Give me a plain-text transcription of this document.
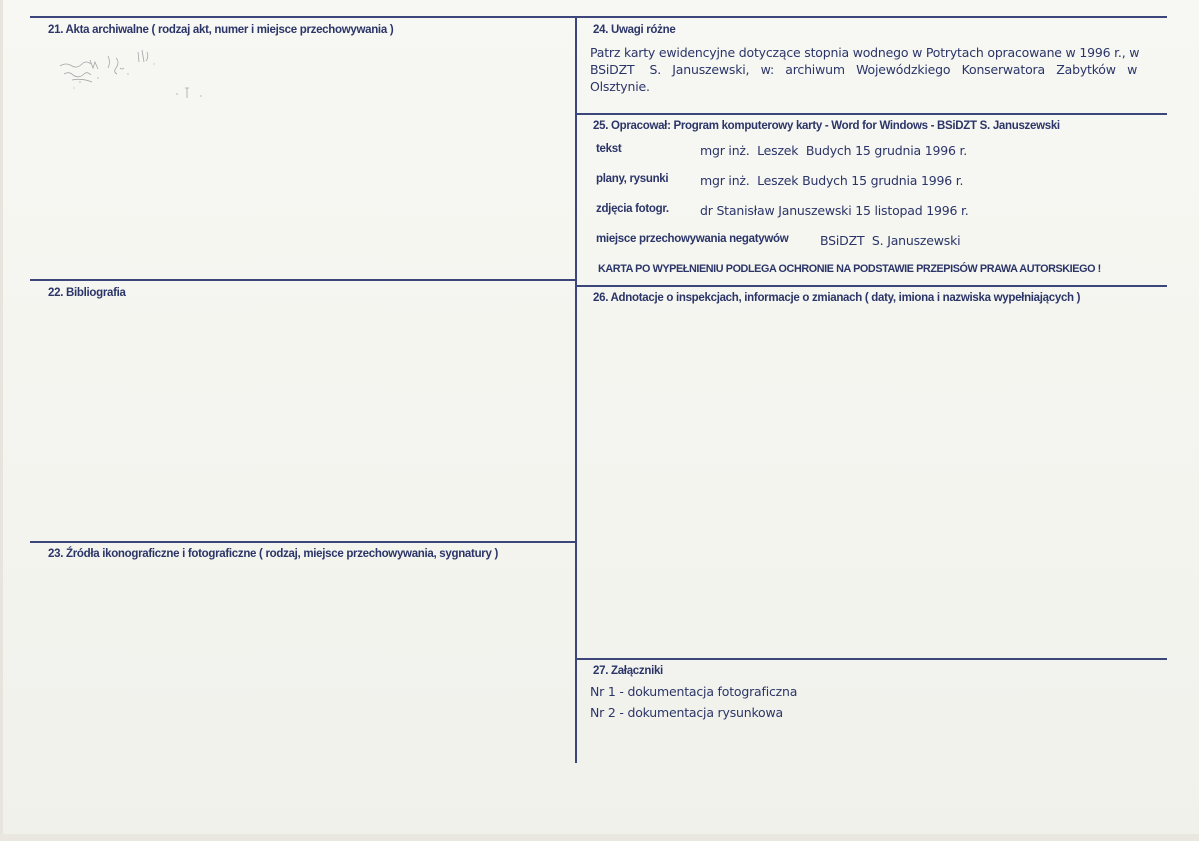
21. Akta archiwalne ( rodzaj akt, numer i miejsce przechowywania )
22. Bibliografia
23. Źródła ikonograficzne i fotograficzne ( rodzaj, miejsce przechowywania, sygnatury )
24. Uwagi różne
Patrz karty ewidencyjne dotyczące stopnia wodnego w Potrytach opracowane w 1996 r., w
BSiDZT    S.   Januszewski,   w:   archiwum   Wojewódzkiego   Konserwatora   Zabytków   w
Olsztynie.
25. Opracował: Program komputerowy karty - Word for Windows - BSiDZT S. Januszewski
tekst	mgr inż.  Leszek  Budych 15 grudnia 1996 r.
plany, rysunki	mgr inż.  Leszek Budych 15 grudnia 1996 r.
zdjęcia fotogr. dr Stanisław Januszewski 15 listopad 1996 r.
miejsce przechowywania negatywów	BSiDZT  S. Januszewski
KARTA PO WYPEŁNIENIU PODLEGA OCHRONIE NA PODSTAWIE PRZEPISÓW PRAWA AUTORSKIEGO !
26. Adnotacje o inspekcjach, informacje o zmianach ( daty, imiona i nazwiska wypełniających )
27. Załączniki
Nr 1 - dokumentacja fotograficzna
Nr 2 - dokumentacja rysunkowa
